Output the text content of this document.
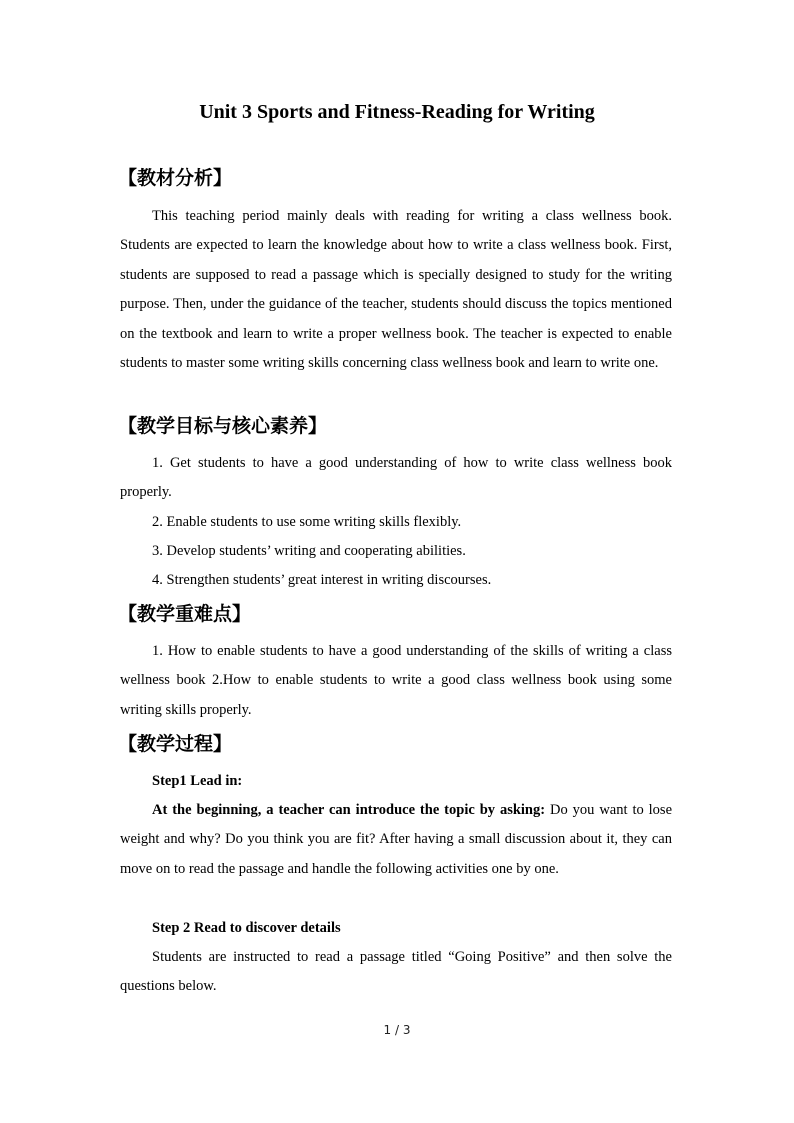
Unit 3 Sports and Fitness-Reading for Writing
【教材分析】
This teaching period mainly deals with reading for writing a class wellness book. Students are expected to learn the knowledge about how to write a class wellness book. First, students are supposed to read a passage which is specially designed to study for the writing purpose. Then, under the guidance of the teacher, students should discuss the topics mentioned on the textbook and learn to write a proper wellness book. The teacher is expected to enable students to master some writing skills concerning class wellness book and learn to write one.
【教学目标与核心素养】
1. Get students to have a good understanding of how to write class wellness book properly.
2. Enable students to use some writing skills flexibly.
3. Develop students’ writing and cooperating abilities.
4. Strengthen students’ great interest in writing discourses.
【教学重难点】
1. How to enable students to have a good understanding of the skills of writing a class wellness book 2.How to enable students to write a good class wellness book using some writing skills properly.
【教学过程】
Step1 Lead in:
At the beginning, a teacher can introduce the topic by asking: Do you want to lose weight and why? Do you think you are fit? After having a small discussion about it, they can move on to read the passage and handle the following activities one by one.
Step 2 Read to discover details
Students are instructed to read a passage titled “Going Positive” and then solve the questions below.
1 / 3
